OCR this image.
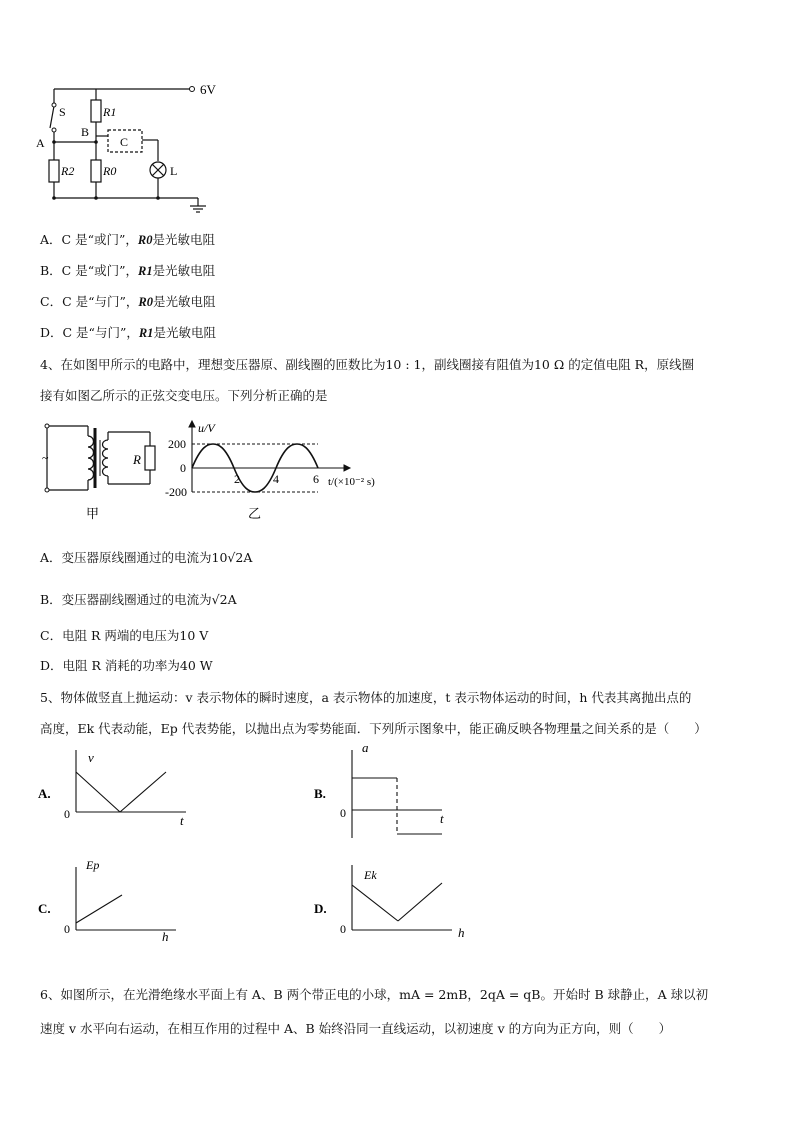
6V
S
A
B
R1
R2 R0
C
L
A．C 是“或门”，R0是光敏电阻
B．C 是“或门”，R1是光敏电阻
C．C 是“与门”，R0是光敏电阻
D．C 是“与门”，R1是光敏电阻
4、在如图甲所示的电路中，理想变压器原、副线圈的匝数比为10 : 1，副线圈接有阻值为10 Ω 的定值电阻 R，原线圈
接有如图乙所示的正弦交变电压。下列分析正确的是
~	R
甲
u/V
200
0
-200
2	4	6 t/(×10⁻² s)
乙
A．变压器原线圈通过的电流为10√2A
B．变压器副线圈通过的电流为√2A
C．电阻 R 两端的电压为10 V
D．电阻 R 消耗的功率为40 W
5、物体做竖直上抛运动：v 表示物体的瞬时速度，a 表示物体的加速度，t 表示物体运动的时间，h 代表其离抛出点的
高度，Ek 代表动能，Ep 代表势能，以抛出点为零势能面．下列所示图象中，能正确反映各物理量之间关系的是（　　）
A.
v
t
0
B.
a
t
0
C.
Ep
h
0
D.
Ek
h
0
6、如图所示，在光滑绝缘水平面上有 A、B 两个带正电的小球，mA = 2mB，2qA = qB。开始时 B 球静止，A 球以初
速度 v 水平向右运动，在相互作用的过程中 A、B 始终沿同一直线运动，以初速度 v 的方向为正方向，则（　　）
